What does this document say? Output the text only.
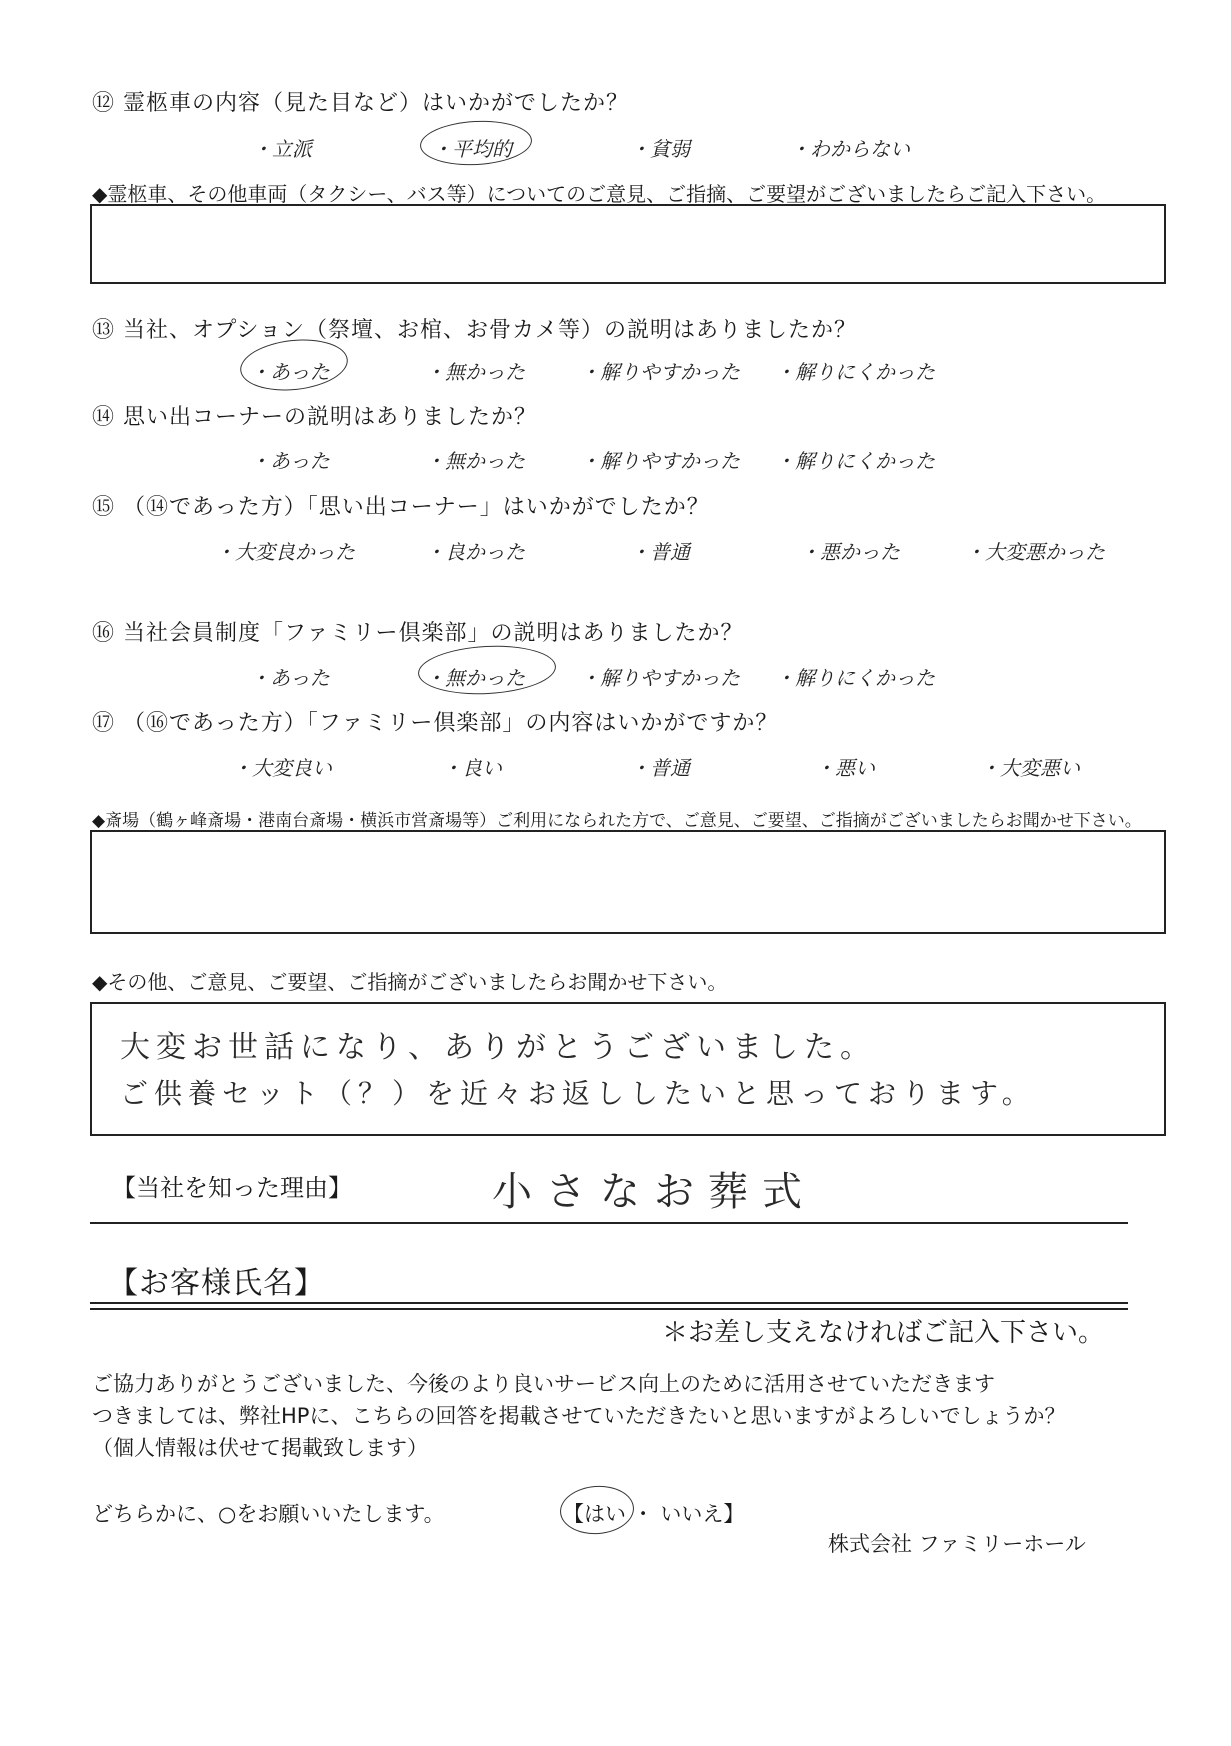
⑫ 霊柩車の内容（見た目など）はいかがでしたか？
・立派	・平均的	・貧弱	・わからない
◆霊柩車、その他車両（タクシー、バス等）についてのご意見、ご指摘、ご要望がございましたらご記入下さい。
⑬ 当社、オプション（祭壇、お棺、お骨カメ等）の説明はありましたか？
・あった	・無かった	・解りやすかった ・解りにくかった
⑭ 思い出コーナーの説明はありましたか？
・あった	・無かった	・解りやすかった ・解りにくかった
⑮ （⑭であった方）「思い出コーナー」はいかがでしたか？
・大変良かった	・良かった	・普通	・悪かった	・大変悪かった
⑯ 当社会員制度「ファミリー倶楽部」の説明はありましたか？
・あった	・無かった	・解りやすかった ・解りにくかった
⑰ （⑯であった方）「ファミリー倶楽部」の内容はいかがですか？
・大変良い	・良い	・普通	・悪い	・大変悪い
◆斎場（鶴ヶ峰斎場・港南台斎場・横浜市営斎場等）ご利用になられた方で、ご意見、ご要望、ご指摘がございましたらお聞かせ下さい。
◆その他、ご意見、ご要望、ご指摘がございましたらお聞かせ下さい。
大変お世話になり、ありがとうございました。
ご供養セット（？）を近々お返ししたいと思っております。
【当社を知った理由】	小さなお葬式
【お客様氏名】
＊お差し支えなければご記入下さい。
ご協力ありがとうございました、今後のより良いサービス向上のために活用させていただきます
つきましては、弊社HPに、こちらの回答を掲載させていただきたいと思いますがよろしいでしょうか？
（個人情報は伏せて掲載致します）
どちらかに、○をお願いいたします。	【はい ・ いいえ】
株式会社 ファミリーホール
